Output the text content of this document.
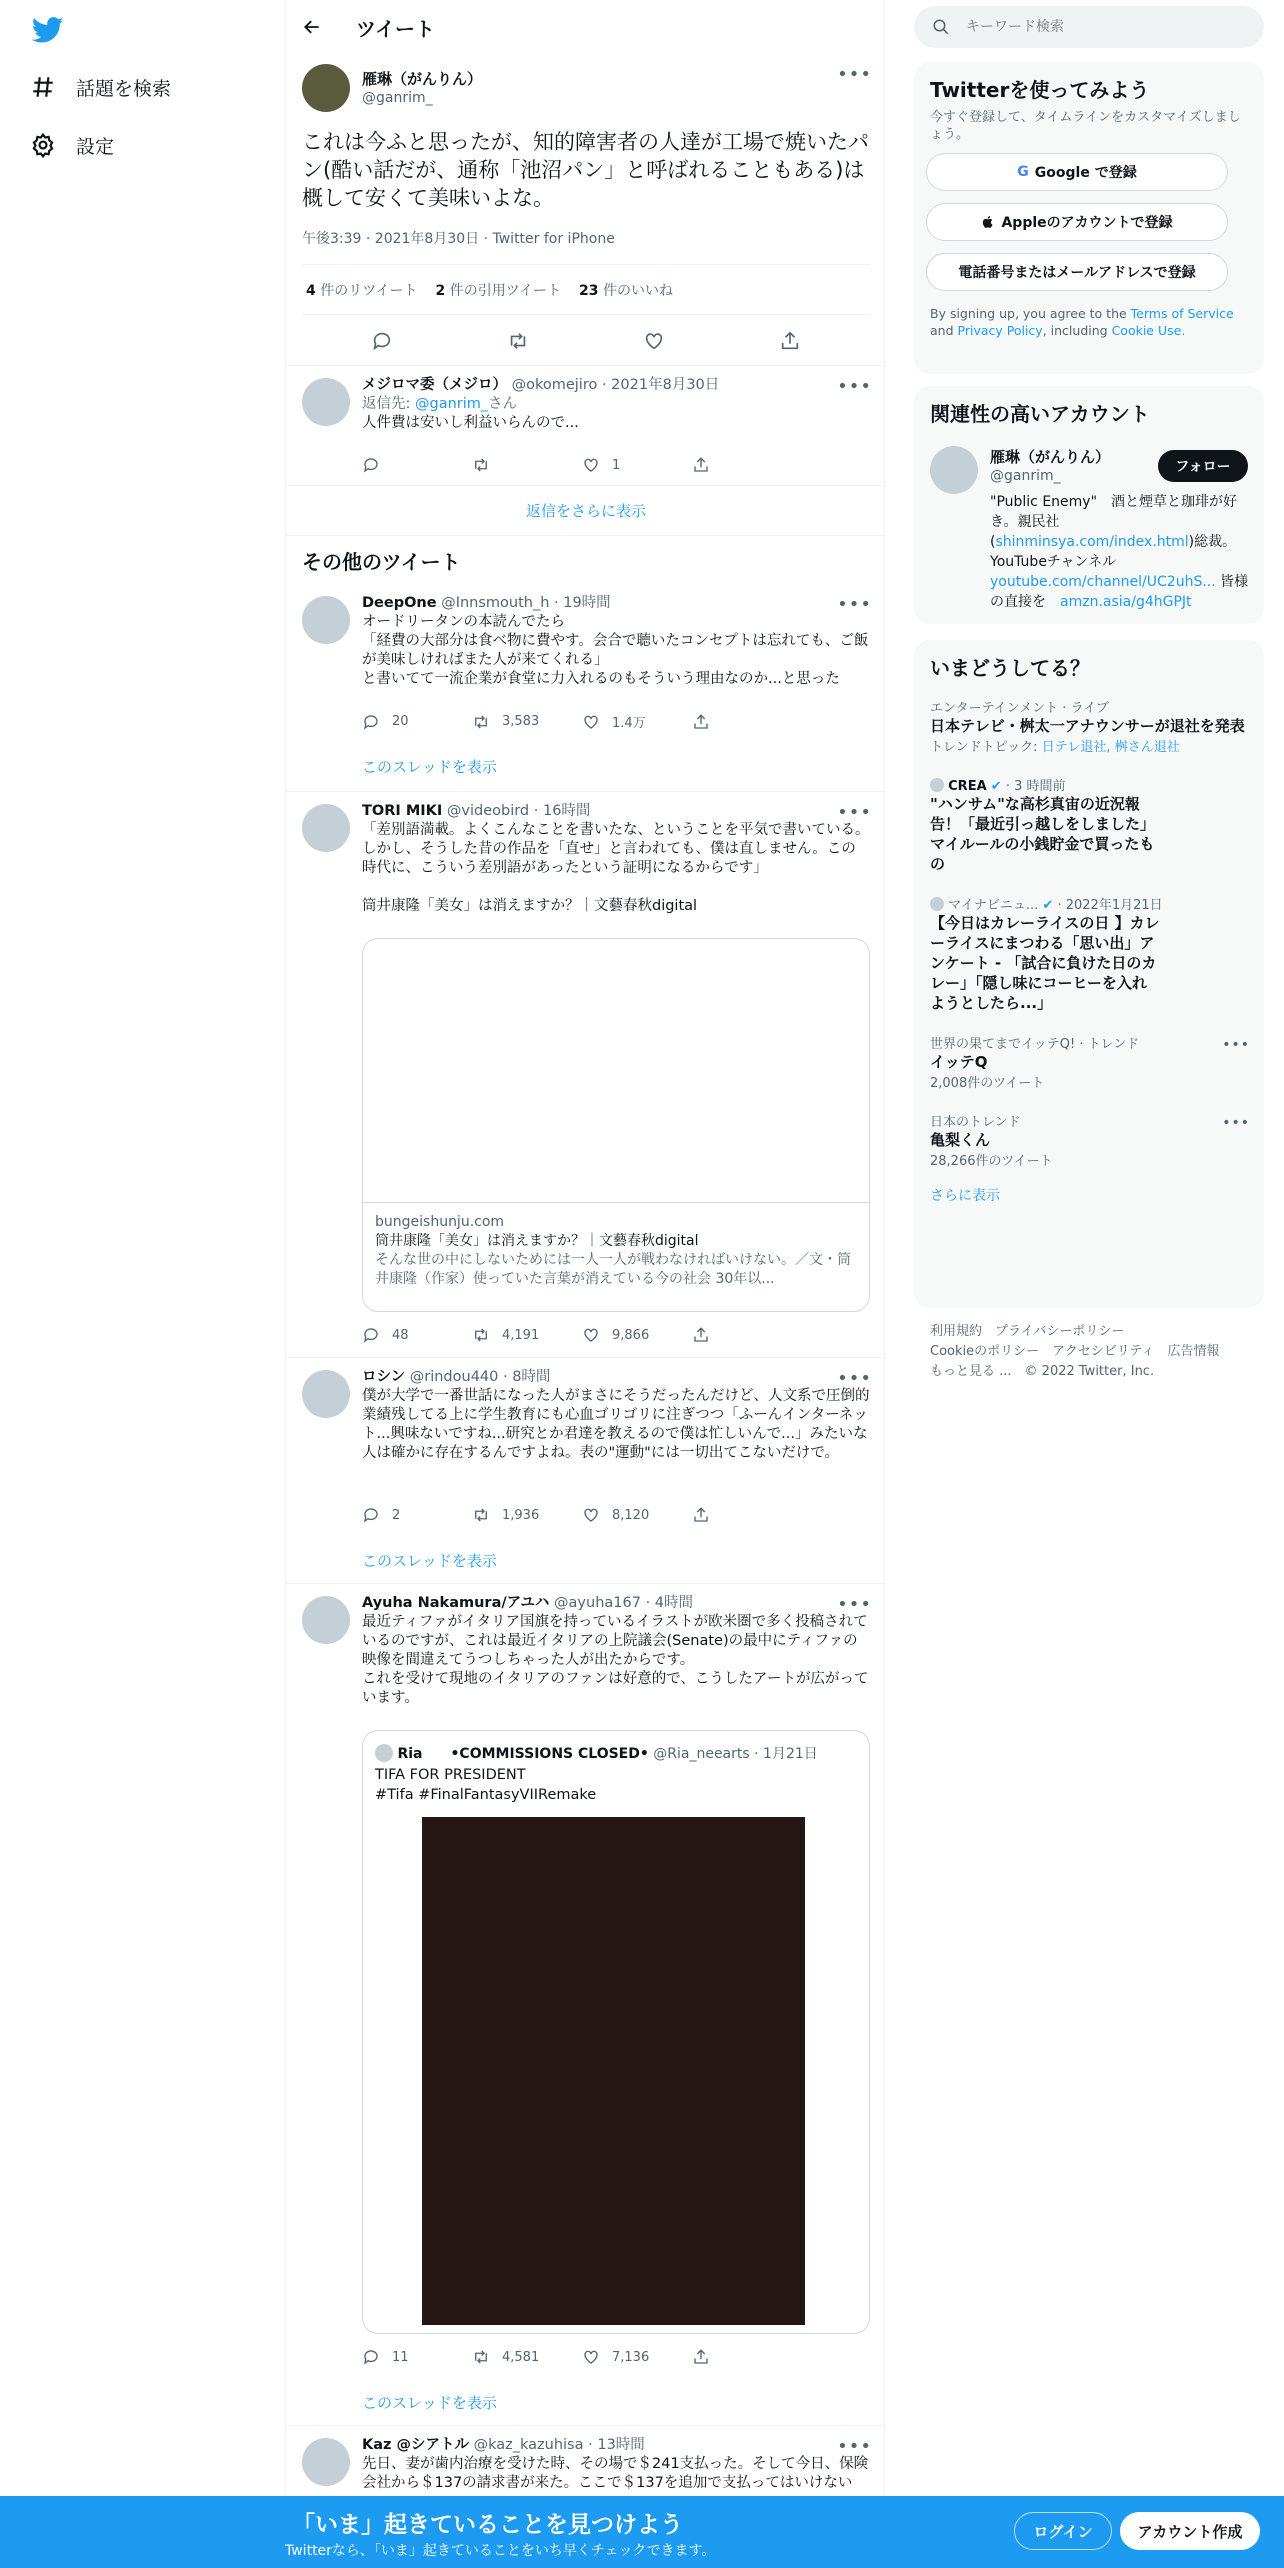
話題を検索
設定
ツイート
雁琳（がんりん）
@ganrim_
•••
これは今ふと思ったが、知的障害者の人達が工場で焼いたパン(酷い話だが、通称「池沼パン」と呼ばれることもある)は概して安くて美味いよな。
午後3:39 · 2021年8月30日 · Twitter for iPhone
4 件のリツイート 2 件の引用ツイート 23 件のいいね
メジロマ委（メジロ） @okomejiro · 2021年8月30日
返信先: @ganrim_さん
人件費は安いし利益いらんので...
•••
1
返信をさらに表示
その他のツイート
DeepOne @Innsmouth_h · 19時間
オードリータンの本読んでたら
「経費の大部分は食べ物に費やす。会合で聴いたコンセプトは忘れても、ご飯が美味しければまた人が来てくれる」
と書いてて一流企業が食堂に力入れるのもそういう理由なのか...と思った
•••
20	3,583	1.4万
このスレッドを表示
TORI MIKI @videobird · 16時間
「差別語満載。よくこんなことを書いたな、ということを平気で書いている。しかし、そうした昔の作品を「直せ」と言われても、僕は直しません。この時代に、こういう差別語があったという証明になるからです」

筒井康隆「美女」は消えますか？｜文藝春秋digital
•••
bungeishunju.com
筒井康隆「美女」は消えますか？｜文藝春秋digital
そんな世の中にしないためには一人一人が戦わなければいけない。／文・筒井康隆（作家）使っていた言葉が消えている今の社会 30年以...
48	4,191	9,866
ロシン @rindou440 · 8時間
僕が大学で一番世話になった人がまさにそうだったんだけど、人文系で圧倒的業績残してる上に学生教育にも心血ゴリゴリに注ぎつつ「ふーんインターネット...興味ないですね...研究とか君達を教えるので僕は忙しいんで...」みたいな人は確かに存在するんですよね。表の"運動"には一切出てこないだけで。
•••
2	1,936	8,120
このスレッドを表示
Ayuha Nakamura/アユハ @ayuha167 · 4時間
最近ティファがイタリア国旗を持っているイラストが欧米圏で多く投稿されているのですが、これは最近イタリアの上院議会(Senate)の最中にティファの映像を間違えてうつしちゃった人が出たからです。
これを受けて現地のイタリアのファンは好意的で、こうしたアートが広がっています。
•••
Ria　　•COMMISSIONS CLOSED• @Ria_neearts · 1月21日
TIFA FOR PRESIDENT
#Tifa #FinalFantasyVIIRemake
11	4,581	7,136
このスレッドを表示
Kaz @シアトル @kaz_kazuhisa · 13時間
先日、妻が歯内治療を受けた時、その場で＄241支払った。そして今日、保険会社から＄137の請求書が来た。ここで＄137を追加で支払ってはいけない
•••
キーワード検索
Twitterを使ってみよう
今すぐ登録して、タイムラインをカスタマイズしましょう。
G Google で登録
Appleのアカウントで登録
電話番号またはメールアドレスで登録
By signing up, you agree to the Terms of Service and Privacy Policy, including Cookie Use.
関連性の高いアカウント
雁琳（がんりん）
@ganrim_
フォロー
"Public Enemy"　酒と煙草と珈琲が好き。親民社(shinminsya.com/index.html)総裁。YouTubeチャンネル youtube.com/channel/UC2uhS... 皆様の直接を　 amzn.asia/g4hGPJt
いまどうしてる？
エンターテインメント · ライブ
日本テレビ・桝太一アナウンサーが退社を発表
トレンドトピック: 日テレ退社, 桝さん退社
CREA ✔ · 3 時間前
"ハンサム"な高杉真宙の近況報告！「最近引っ越しをしました」マイルールの小銭貯金で買ったもの
マイナビニュ... ✔ · 2022年1月21日
【今日はカレーライスの日 】カレーライスにまつわる「思い出」アンケート - 「試合に負けた日のカレー」「隠し味にコーヒーを入れようとしたら...」
世界の果てまでイッテQ! · トレンド
イッテQ
2,008件のツイート
•••
日本のトレンド
亀梨くん
28,266件のツイート
•••
さらに表示
利用規約　 プライバシーポリシー
Cookieのポリシー　 アクセシビリティ　 広告情報
もっと見る ...　 © 2022 Twitter, Inc.
「いま」起きていることを見つけよう
Twitterなら、「いま」起きていることをいち早くチェックできます。
ログイン	アカウント作成
